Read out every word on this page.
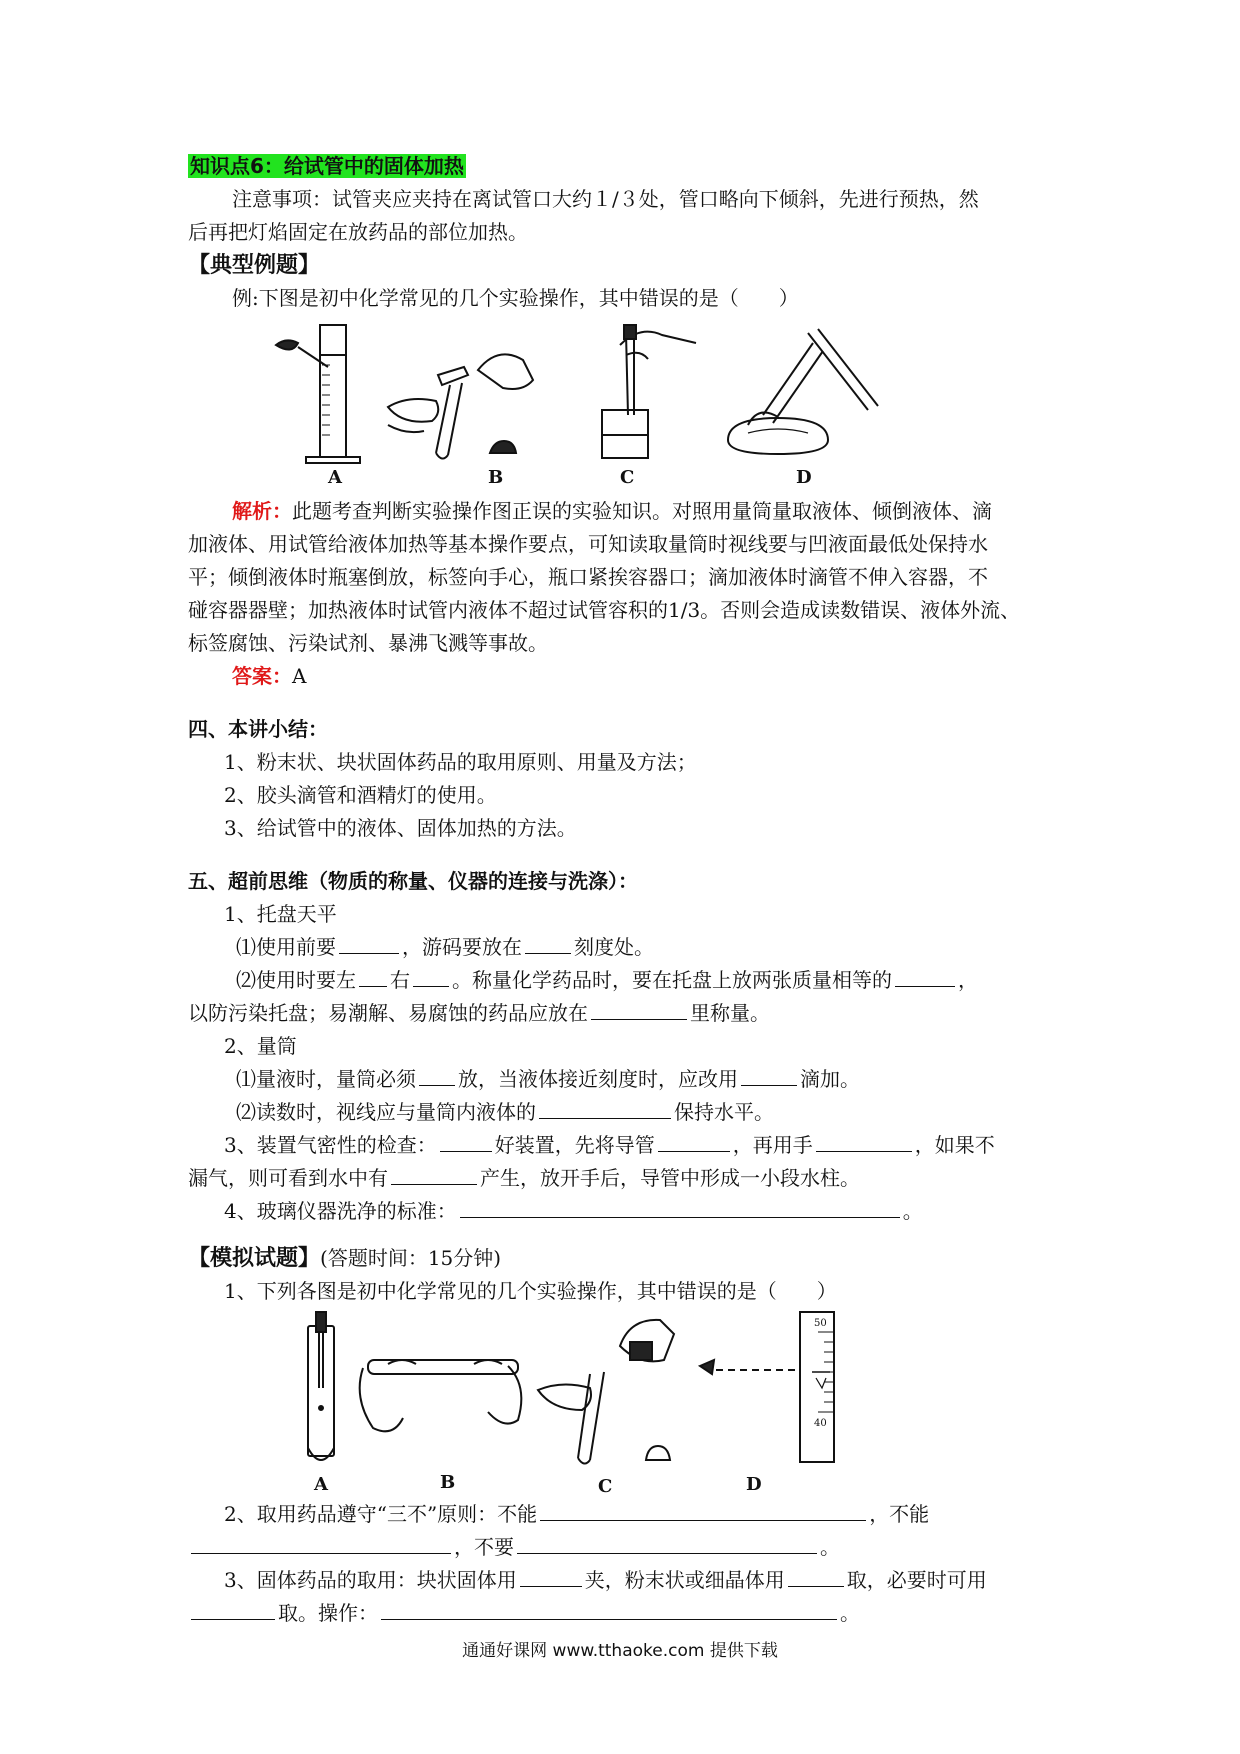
知识点6：给试管中的固体加热
注意事项：试管夹应夹持在离试管口大约１/３处，管口略向下倾斜，先进行预热，然
后再把灯焰固定在放药品的部位加热。
【典型例题】
例:下图是初中化学常见的几个实验操作，其中错误的是（　　）
A	B	C	D
解析：此题考查判断实验操作图正误的实验知识。对照用量筒量取液体、倾倒液体、滴
加液体、用试管给液体加热等基本操作要点，可知读取量筒时视线要与凹液面最低处保持水
平；倾倒液体时瓶塞倒放，标签向手心，瓶口紧挨容器口；滴加液体时滴管不伸入容器，不
碰容器器壁；加热液体时试管内液体不超过试管容积的1/3。否则会造成读数错误、液体外流、
标签腐蚀、污染试剂、暴沸飞溅等事故。
答案：A
四、本讲小结：
1、粉末状、块状固体药品的取用原则、用量及方法；
2、胶头滴管和酒精灯的使用。
3、给试管中的液体、固体加热的方法。
五、超前思维（物质的称量、仪器的连接与洗涤）：
1、托盘天平
⑴使用前要	，游码要放在	刻度处。
⑵使用时要左 右 。称量化学药品时，要在托盘上放两张质量相等的	，
以防污染托盘；易潮解、易腐蚀的药品应放在	里称量。
2、量筒
⑴量液时，量筒必须 放，当液体接近刻度时，应改用	滴加。
⑵读数时，视线应与量筒内液体的	保持水平。
3、装置气密性的检查：	好装置，先将导管	，再用手	，如果不
漏气，则可看到水中有	产生，放开手后，导管中形成一小段水柱。
4、玻璃仪器洗净的标准：	。
【模拟试题】(答题时间：15分钟)
1、下列各图是初中化学常见的几个实验操作，其中错误的是（　　）
50
40
A	B	C	D
2、取用药品遵守“三不”原则：不能	，不能
，不要	。
3、固体药品的取用：块状固体用	夹，粉末状或细晶体用	取，必要时可用
取。操作：	。
通通好课网 www.tthaoke.com 提供下载
